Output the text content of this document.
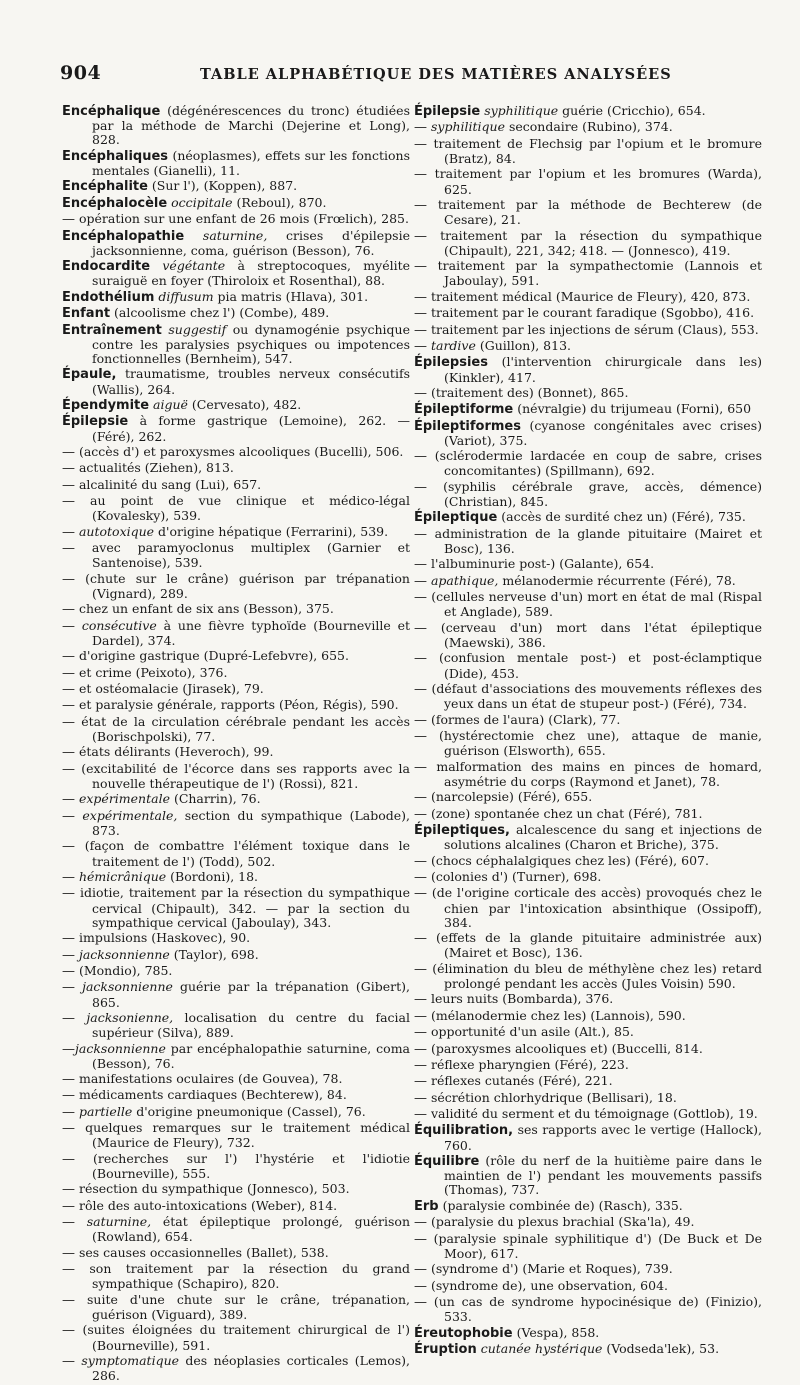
904	TABLE ALPHABÉTIQUE DES MATIÈRES ANALYSÉES

Encéphalique (dégénérescences du tronc) étudiées par la méthode de Marchi (Dejerine et Long), 828.

Encéphaliques (néoplasmes), effets sur les fonctions mentales (Gianelli), 11.

Encéphalite (Sur l'), (Koppen), 887.

Encéphalocèle occipitale (Reboul), 870.

— opération sur une enfant de 26 mois (Frœlich), 285.

Encéphalopathie saturnine, crises d'épilepsie jacksonnienne, coma, guérison (Besson), 76.

Endocardite végétante à streptocoques, myélite suraiguë en foyer (Thiroloix et Rosenthal), 88.

Endothélium diffusum pia matris (Hlava), 301.

Enfant (alcoolisme chez l') (Combe), 489.

Entraînement suggestif ou dynamogénie psychique contre les paralysies psychiques ou impotences fonctionnelles (Bernheim), 547.

Épaule, traumatisme, troubles nerveux consécutifs (Wallis), 264.

Épendymite aiguë (Cervesato), 482.

Épilepsie à forme gastrique (Lemoine), 262. — (Féré), 262.

— (accès d') et paroxysmes alcooliques (Bucelli), 506.

— actualités (Ziehen), 813.

— alcalinité du sang (Lui), 657.

— au point de vue clinique et médico-légal (Kovalesky), 539.

— autotoxique d'origine hépatique (Ferrarini), 539.

— avec paramyoclonus multiplex (Garnier et Santenoise), 539.

— (chute sur le crâne) guérison par trépanation (Vignard), 289.

— chez un enfant de six ans (Besson), 375.

— consécutive à une fièvre typhoïde (Bourneville et Dardel), 374.

— d'origine gastrique (Dupré-Lefebvre), 655.

— et crime (Peixoto), 376.

— et ostéomalacie (Jirasek), 79.

— et paralysie générale, rapports (Péon, Régis), 590.

— état de la circulation cérébrale pendant les accès (Borischpolski), 77.

— états délirants (Heveroch), 99.

— (excitabilité de l'écorce dans ses rapports avec la nouvelle thérapeutique de l') (Rossi), 821.

— expérimentale (Charrin), 76.

— expérimentale, section du sympathique (Labode), 873.

— (façon de combattre l'élément toxique dans le traitement de l') (Todd), 502.

— hémicrânique (Bordoni), 18.

— idiotie, traitement par la résection du sympathique cervical (Chipault), 342. — par la section du sympathique cervical (Jaboulay), 343.

— impulsions (Haskovec), 90.

— jacksonnienne (Taylor), 698.

— (Mondio), 785.

— jacksonnienne guérie par la trépanation (Gibert), 865.

— jacksonienne, localisation du centre du facial supérieur (Silva), 889.

—jacksonnienne par encéphalopathie saturnine, coma (Besson), 76.

— manifestations oculaires (de Gouvea), 78.

— médicaments cardiaques (Bechterew), 84.

— partielle d'origine pneumonique (Cassel), 76.

— quelques remarques sur le traitement médical (Maurice de Fleury), 732.

— (recherches sur l') l'hystérie et l'idiotie (Bourneville), 555.

— résection du sympathique (Jonnesco), 503.

— rôle des auto-intoxications (Weber), 814.

— saturnine, état épileptique prolongé, guérison (Rowland), 654.

— ses causes occasionnelles (Ballet), 538.

— son traitement par la résection du grand sympathique (Schapiro), 820.

— suite d'une chute sur le crâne, trépanation, guérison (Viguard), 389.

— (suites éloignées du traitement chirurgical de l') (Bourneville), 591.

— symptomatique des néoplasies corticales (Lemos), 286.

Épilepsie syphilitique guérie (Cricchio), 654.

— syphilitique secondaire (Rubino), 374.

— traitement de Flechsig par l'opium et le bromure (Bratz), 84.

— traitement par l'opium et les bromures (Warda), 625.

— traitement par la méthode de Bechterew (de Cesare), 21.

— traitement par la résection du sympathique (Chipault), 221, 342; 418. — (Jonnesco), 419.

— traitement par la sympathectomie (Lannois et Jaboulay), 591.

— traitement médical (Maurice de Fleury), 420, 873.

— traitement par le courant faradique (Sgobbo), 416.

— traitement par les injections de sérum (Claus), 553.

— tardive (Guillon), 813.

Épilepsies (l'intervention chirurgicale dans les) (Kinkler), 417.

— (traitement des) (Bonnet), 865.

Épileptiforme (névralgie) du trijumeau (Forni), 650

Épileptiformes (cyanose congénitales avec crises) (Variot), 375.

— (sclérodermie lardacée en coup de sabre, crises concomitantes) (Spillmann), 692.

— (syphilis cérébrale grave, accès, démence) (Christian), 845.

Épileptique (accès de surdité chez un) (Féré), 735.

— administration de la glande pituitaire (Mairet et Bosc), 136.

— l'albuminurie post-) (Galante), 654.

— apathique, mélanodermie récurrente (Féré), 78.

— (cellules nerveuse d'un) mort en état de mal (Rispal et Anglade), 589.

— (cerveau d'un) mort dans l'état épileptique (Maewski), 386.

— (confusion mentale post-) et post-éclamptique (Dide), 453.

— (défaut d'associations des mouvements réflexes des yeux dans un état de stupeur post-) (Féré), 734.

— (formes de l'aura) (Clark), 77.

— (hystérectomie chez une), attaque de manie, guérison (Elsworth), 655.

— malformation des mains en pinces de homard, asymétrie du corps (Raymond et Janet), 78.

— (narcolepsie) (Féré), 655.

— (zone) spontanée chez un chat (Féré), 781.

Épileptiques, alcalescence du sang et injections de solutions alcalines (Charon et Briche), 375.

— (chocs céphalalgiques chez les) (Féré), 607.

— (colonies d') (Turner), 698.

— (de l'origine corticale des accès) provoqués chez le chien par l'intoxication absinthique (Ossipoff), 384.

— (effets de la glande pituitaire administrée aux) (Mairet et Bosc), 136.

— (élimination du bleu de méthylène chez les) retard prolongé pendant les accès (Jules Voisin) 590.

— leurs nuits (Bombarda), 376.

— (mélanodermie chez les) (Lannois), 590.

— opportunité d'un asile (Alt.), 85.

— (paroxysmes alcooliques et) (Buccelli, 814.

— réflexe pharyngien (Féré), 223.

— réflexes cutanés (Féré), 221.

— sécrétion chlorhydrique (Bellisari), 18.

— validité du serment et du témoignage (Gottlob), 19.

Équilibration, ses rapports avec le vertige (Hallock), 760.

Équilibre (rôle du nerf de la huitième paire dans le maintien de l') pendant les mouvements passifs (Thomas), 737.

Erb (paralysie combinée de) (Rasch), 335.

— (paralysie du plexus brachial (Ska'la), 49.

— (paralysie spinale syphilitique d') (De Buck et De Moor), 617.

— (syndrome d') (Marie et Roques), 739.

— (syndrome de), une observation, 604.

— (un cas de syndrome hypocinésique de) (Finizio), 533.

Éreutophobie (Vespa), 858.

Éruption cutanée hystérique (Vodseda'lek), 53.
